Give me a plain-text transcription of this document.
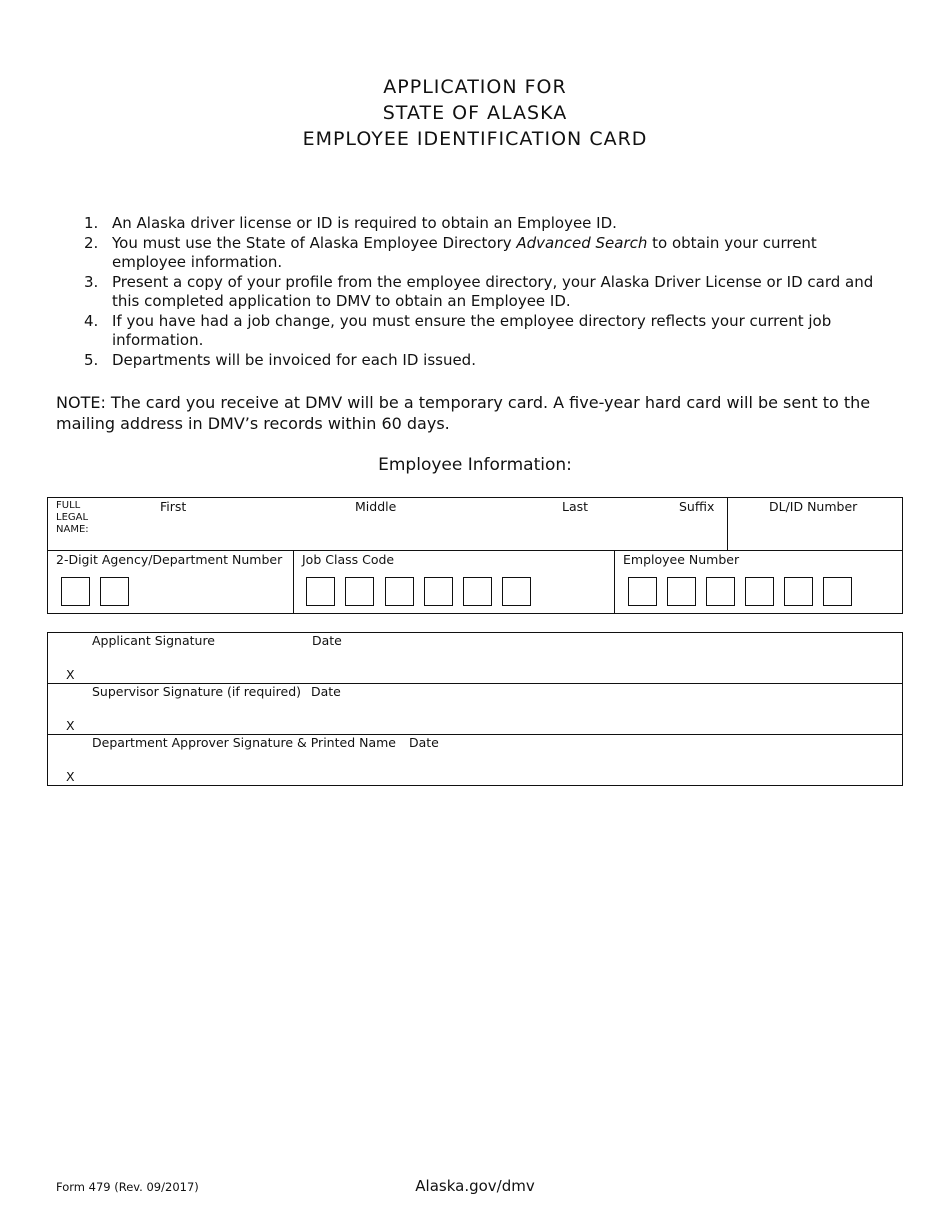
APPLICATION FOR
STATE OF ALASKA
EMPLOYEE IDENTIFICATION CARD
1. An Alaska driver license or ID is required to obtain an Employee ID.
2. You must use the State of Alaska Employee Directory Advanced Search to obtain your current employee information.
3. Present a copy of your profile from the employee directory, your Alaska Driver License or ID card and this completed application to DMV to obtain an Employee ID.
4. If you have had a job change, you must ensure the employee directory reflects your current job information.
5. Departments will be invoiced for each ID issued.
NOTE: The card you receive at DMV will be a temporary card. A five-year hard card will be sent to the mailing address in DMV’s records within 60 days.
Employee Information:
FULL LEGAL NAME:
First	Middle	Last	Suffix	DL/ID Number
2-Digit Agency/Department Number Job Class Code	Employee Number
Applicant Signature	Date
X
Supervisor Signature (if required) Date
X
Department Approver Signature & Printed Name Date
X
Form 479 (Rev. 09/2017)	Alaska.gov/dmv
